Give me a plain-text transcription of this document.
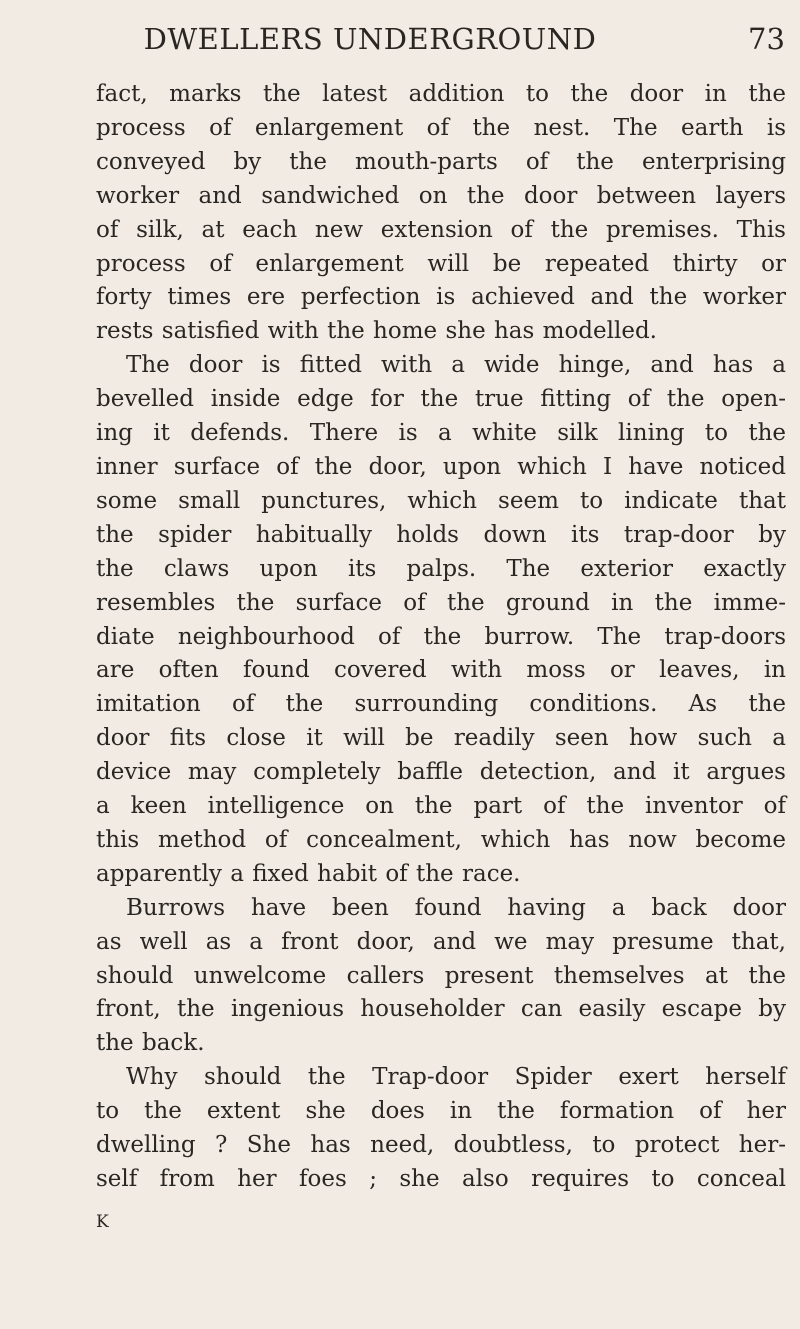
DWELLERS UNDERGROUND	73
fact, marks the latest addition to the door in the
process of enlargement of the nest. The earth is
conveyed by the mouth-parts of the enterprising
worker and sandwiched on the door between layers
of silk, at each new extension of the premises. This
process of enlargement will be repeated thirty or
forty times ere perfection is achieved and the worker
rests satisfied with the home she has modelled.
The door is fitted with a wide hinge, and has a
bevelled inside edge for the true fitting of the open-
ing it defends. There is a white silk lining to the
inner surface of the door, upon which I have noticed
some small punctures, which seem to indicate that
the spider habitually holds down its trap-door by
the claws upon its palps. The exterior exactly
resembles the surface of the ground in the imme-
diate neighbourhood of the burrow. The trap-doors
are often found covered with moss or leaves, in
imitation of the surrounding conditions. As the
door fits close it will be readily seen how such a
device may completely baffle detection, and it argues
a keen intelligence on the part of the inventor of
this method of concealment, which has now become
apparently a fixed habit of the race.
Burrows have been found having a back door
as well as a front door, and we may presume that,
should unwelcome callers present themselves at the
front, the ingenious householder can easily escape by
the back.
Why should the Trap-door Spider exert herself
to the extent she does in the formation of her
dwelling ? She has need, doubtless, to protect her-
self from her foes ; she also requires to conceal
K
